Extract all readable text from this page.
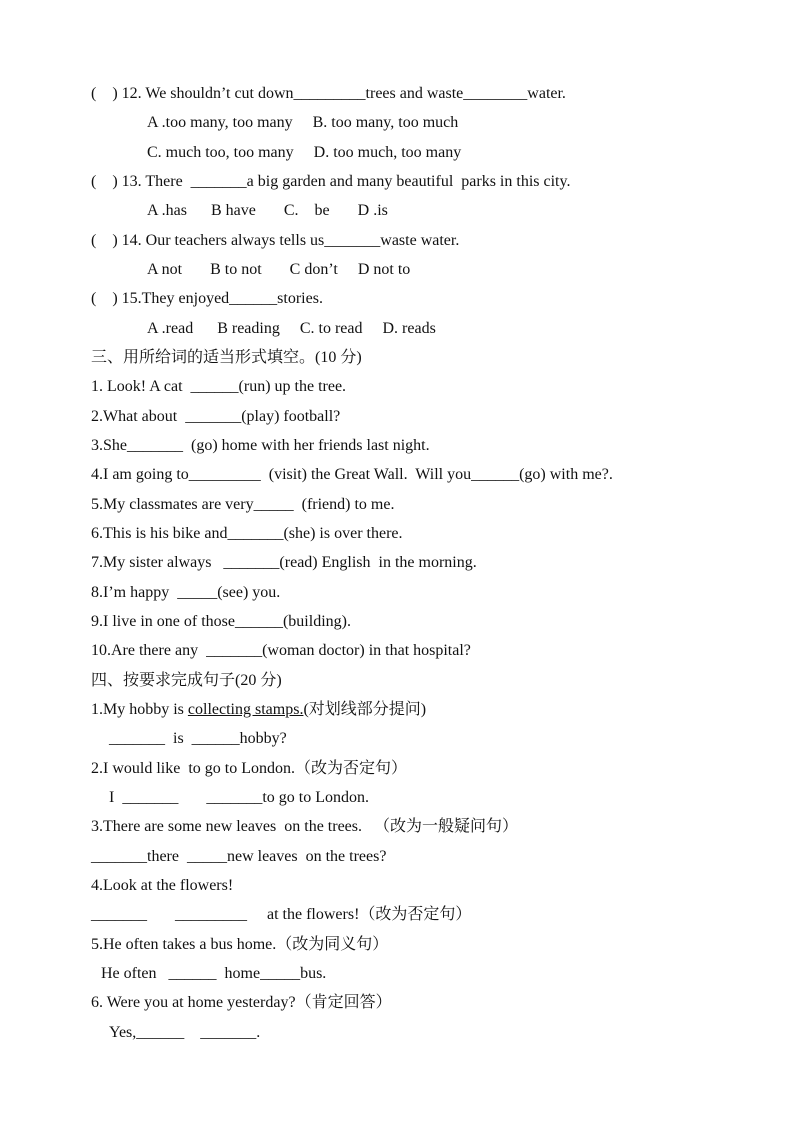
(    ) 12. We shouldn’t cut down_________trees and waste________water.
A .too many, too many     B. too many, too much
C. much too, too many     D. too much, too many
(    ) 13. There  _______a big garden and many beautiful  parks in this city.
A .has      B have       C.    be       D .is
(    ) 14. Our teachers always tells us_______waste water.
A not       B to not       C don’t     D not to
(    ) 15.They enjoyed______stories.
A .read      B reading     C. to read     D. reads
三、用所给词的适当形式填空。(10 分)
1. Look! A cat  ______(run) up the tree.
2.What about  _______(play) football?
3.She_______  (go) home with her friends last night.
4.I am going to_________  (visit) the Great Wall.  Will you______(go) with me?.
5.My classmates are very_____  (friend) to me.
6.This is his bike and_______(she) is over there.
7.My sister always   _______(read) English  in the morning.
8.I’m happy  _____(see) you.
9.I live in one of those______(building).
10.Are there any  _______(woman doctor) in that hospital?
四、按要求完成句子(20 分)
1.My hobby is collecting stamps.(对划线部分提问)
_______  is  ______hobby?
2.I would like  to go to London.（改为否定句）
I  _______       _______to go to London.
3.There are some new leaves  on the trees.   （改为一般疑问句）
_______there  _____new leaves  on the trees?
4.Look at the flowers!
_______       _________     at the flowers!（改为否定句）
5.He often takes a bus home.（改为同义句）
He often   ______  home_____bus.
6. Were you at home yesterday?（肯定回答）
Yes,______    _______.
